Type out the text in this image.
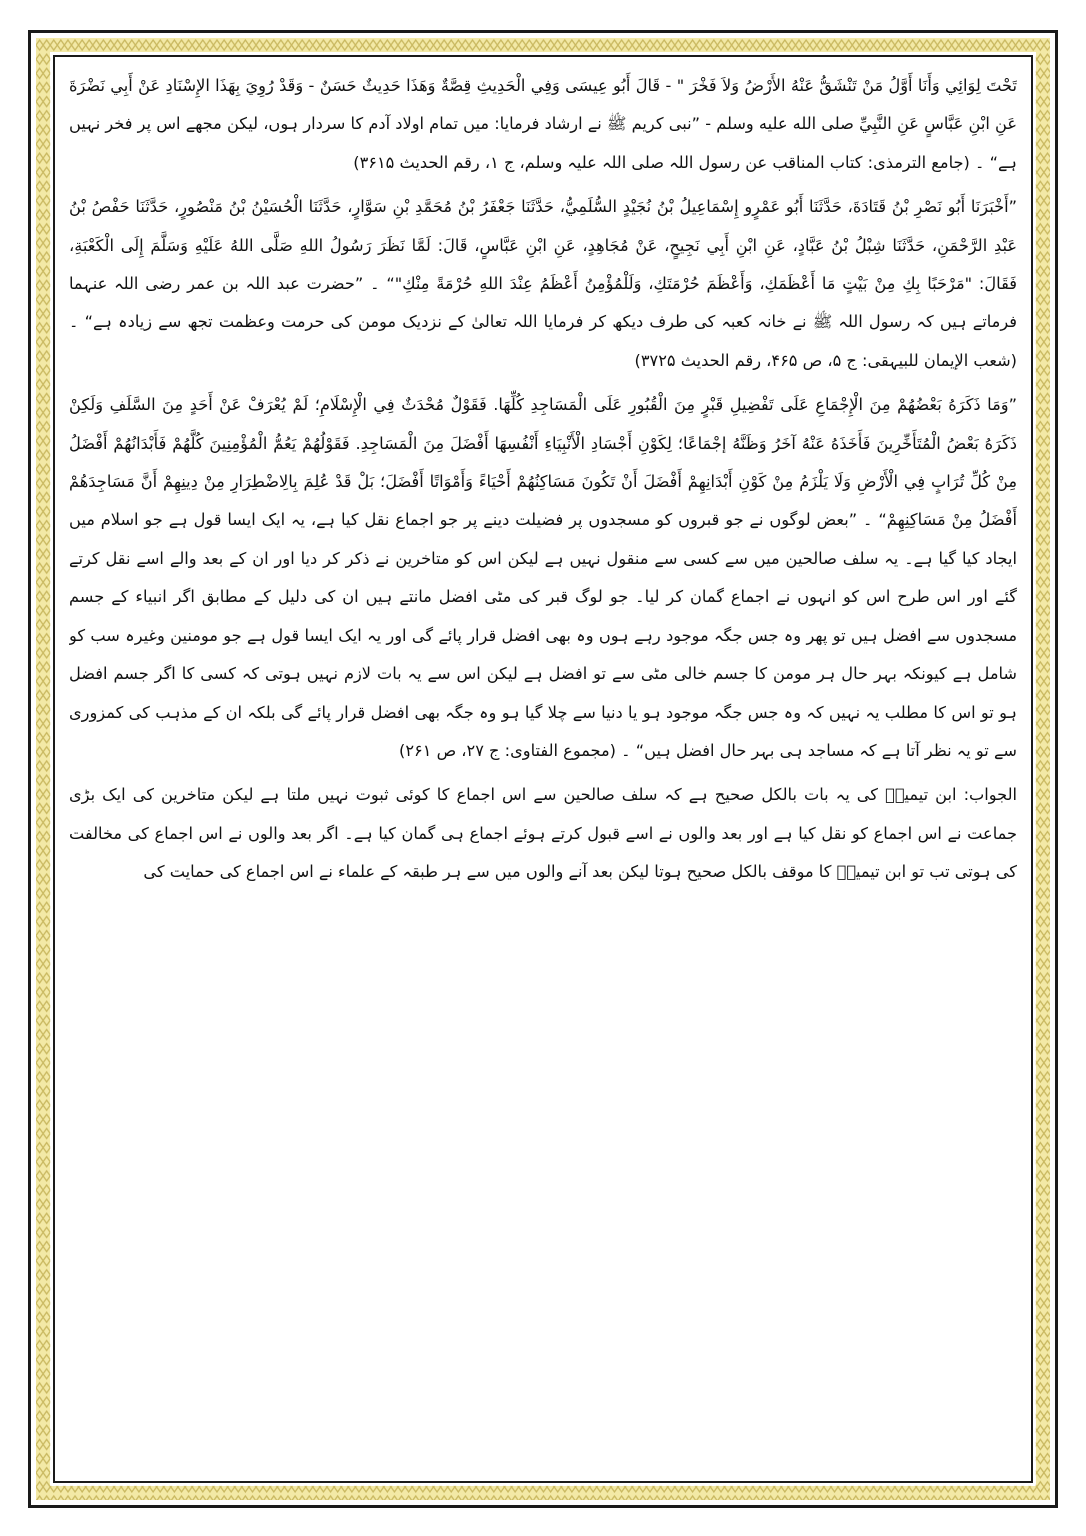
تَحْتَ لِوَائِي وَأَنَا أَوَّلُ مَنْ تَنْشَقُّ عَنْهُ الأَرْضُ وَلاَ فَخْرَ " - قَالَ أَبُو عِيسَى وَفِي الْحَدِيثِ قِصَّةٌ وَهَذَا حَدِيثٌ حَسَنٌ - وَقَدْ رُوِيَ بِهَذَا الإِسْنَادِ عَنْ أَبِي نَضْرَةَ عَنِ ابْنِ عَبَّاسٍ عَنِ النَّبِيِّ صلى الله عليه وسلم - ”نبی کریم ﷺ نے ارشاد فرمایا: میں تمام اولاد آدم کا سردار ہوں، لیکن مجھے اس پر فخر نہیں ہے“ ۔ (جامع الترمذی: کتاب المناقب عن رسول اللہ صلی اللہ علیہ وسلم، ج ۱، رقم الحدیث ۳۶۱۵)

”أَخْبَرَنَا أَبُو نَصْرِ بْنُ قَتَادَةَ، حَدَّثَنَا أَبُو عَمْرٍو إِسْمَاعِيلُ بْنُ نُجَيْدٍ السُّلَمِيُّ، حَدَّثَنَا جَعْفَرُ بْنُ مُحَمَّدِ بْنِ سَوَّارٍ، حَدَّثَنَا الْحُسَيْنُ بْنُ مَنْصُورٍ، حَدَّثَنَا حَفْصُ بْنُ عَبْدِ الرَّحْمَنِ، حَدَّثَنَا شِبْلُ بْنُ عَبَّادٍ، عَنِ ابْنِ أَبِي نَجِيحٍ، عَنْ مُجَاهِدٍ، عَنِ ابْنِ عَبَّاسٍ، قَالَ: لَمَّا نَظَرَ رَسُولُ اللهِ صَلَّى اللهُ عَلَيْهِ وَسَلَّمَ إِلَى الْكَعْبَةِ، فَقَالَ: "مَرْحَبًا بِكِ مِنْ بَيْتٍ مَا أَعْظَمَكِ، وَأَعْظَمَ حُرْمَتَكِ، وَلَلْمُؤْمِنُ أَعْظَمُ عِنْدَ اللهِ حُرْمَةً مِنْكِ"“ ۔ ”حضرت عبد اللہ بن عمر رضی اللہ عنہما فرماتے ہیں کہ رسول اللہ ﷺ نے خانہ کعبہ کی طرف دیکھ کر فرمایا اللہ تعالیٰ کے نزدیک مومن کی حرمت وعظمت تجھ سے زیادہ ہے“ ۔ (شعب الإیمان للبیہقی: ج ۵، ص ۴۶۵، رقم الحدیث ۳۷۲۵)

”وَمَا ذَكَرَهُ بَعْضُهُمْ مِنَ الْإِجْمَاعِ عَلَى تَفْضِيلِ قَبْرٍ مِنَ الْقُبُورِ عَلَى الْمَسَاجِدِ كُلِّهَا. فَقَوْلٌ مُحْدَثٌ فِي الْإِسْلَامِ؛ لَمْ يُعْرَفْ عَنْ أَحَدٍ مِنَ السَّلَفِ وَلَكِنْ ذَكَرَهُ بَعْضُ الْمُتَأَخِّرِينَ فَأَخَذَهُ عَنْهُ آخَرُ وَظَنَّهُ إجْمَاعًا؛ لِكَوْنِ أَجْسَادِ الْأَنْبِيَاءِ أَنْفُسِهَا أَفْضَلَ مِنَ الْمَسَاجِدِ. فَقَوْلُهُمْ يَعُمُّ الْمُؤْمِنِينَ كُلَّهُمْ فَأَبْدَانُهُمْ أَفْضَلُ مِنْ كُلِّ تُرَابٍ فِي الْأَرْضِ وَلَا يَلْزَمُ مِنْ كَوْنِ أَبْدَانِهِمْ أَفْضَلَ أَنْ تَكُونَ مَسَاكِنُهُمْ أَحْيَاءً وَأَمْوَاتًا أَفْضَلَ؛ بَلْ قَدْ عُلِمَ بِالِاضْطِرَارِ مِنْ دِينِهِمْ أَنَّ مَسَاجِدَهُمْ أَفْضَلُ مِنْ مَسَاكِنِهِمْ“ ۔ ”بعض لوگوں نے جو قبروں کو مسجدوں پر فضیلت دینے پر جو اجماع نقل کیا ہے، یہ ایک ایسا قول ہے جو اسلام میں ایجاد کیا گیا ہے۔ یہ سلف صالحین میں سے کسی سے منقول نہیں ہے لیکن اس کو متاخرین نے ذکر کر دیا اور ان کے بعد والے اسے نقل کرتے گئے اور اس طرح اس کو انہوں نے اجماع گمان کر لیا۔ جو لوگ قبر کی مٹی افضل مانتے ہیں ان کی دلیل کے مطابق اگر انبیاء کے جسم مسجدوں سے افضل ہیں تو پھر وہ جس جگہ موجود رہے ہوں وہ بھی افضل قرار پائے گی اور یہ ایک ایسا قول ہے جو مومنین وغیرہ سب کو شامل ہے کیونکہ بہر حال ہر مومن کا جسم خالی مٹی سے تو افضل ہے لیکن اس سے یہ بات لازم نہیں ہوتی کہ کسی کا اگر جسم افضل ہو تو اس کا مطلب یہ نہیں کہ وہ جس جگہ موجود ہو یا دنیا سے چلا گیا ہو وہ جگہ بھی افضل قرار پائے گی بلکہ ان کے مذہب کی کمزوری سے تو یہ نظر آتا ہے کہ مساجد ہی بہر حال افضل ہیں“ ۔ (مجموع الفتاوی: ج ۲۷، ص ۲۶۱)

الجواب: ابن تیمیہؒ کی یہ بات بالکل صحیح ہے کہ سلف صالحین سے اس اجماع کا کوئی ثبوت نہیں ملتا ہے لیکن متاخرین کی ایک بڑی جماعت نے اس اجماع کو نقل کیا ہے اور بعد والوں نے اسے قبول کرتے ہوئے اجماع ہی گمان کیا ہے۔ اگر بعد والوں نے اس اجماع کی مخالفت کی ہوتی تب تو ابن تیمیہؒ کا موقف بالکل صحیح ہوتا لیکن بعد آنے والوں میں سے ہر طبقہ کے علماء نے اس اجماع کی حمایت کی
